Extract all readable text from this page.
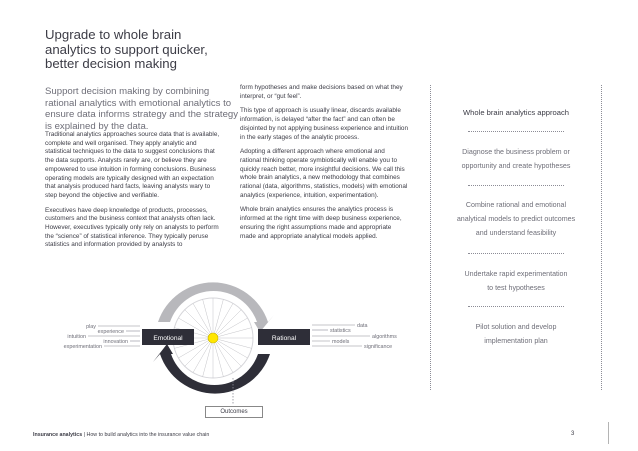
Upgrade to whole brain
analytics to support quicker,
better decision making
Support decision making by combining
rational analytics with emotional analytics to
ensure data informs strategy and the strategy
is explained by the data.

Traditional analytics approaches source data that is available,
complete and well organised. They apply analytic and
statistical techniques to the data to suggest conclusions that
the data supports. Analysts rarely are, or believe they are
empowered to use intuition in forming conclusions. Business
operating models are typically designed with an expectation
that analysis produced hard facts, leaving analysts wary to
step beyond the objective and verifiable.

Executives have deep knowledge of products, processes,
customers and the business context that analysts often lack.
However, executives typically only rely on analysts to perform
the “science” of statistical inference. They typically peruse
statistics and information provided by analysts to

form hypotheses and make decisions based on what they
interpret, or “gut feel”.

This type of approach is usually linear, discards available
information, is delayed “after the fact” and can often be
disjointed by not applying business experience and intuition
in the early stages of the analytic process.

Adopting a different approach where emotional and
rational thinking operate symbiotically will enable you to
quickly reach better, more insightful decisions. We call this
whole brain analytics, a new methodology that combines
rational (data, algorithms, statistics, models) with emotional
analytics (experience, intuition, experimentation).

Whole brain analytics ensures the analytics process is
informed at the right time with deep business experience,
ensuring the right assumptions made and appropriate
made and appropriate analytical models applied.

Whole brain analytics approach
Diagnose the business problem or
opportunity and create hypotheses
Combine rational and emotional
analytical models to predict outcomes
and understand feasibility
Undertake rapid experimentation
to test hypotheses
Pilot solution and develop
implementation plan
Emotional	Rational
play
experience
intuition
innovation
experimentation
data
statistics
algorithms
models
significance
Outcomes
Insurance analytics | How to build analytics into the insurance value chain	3
